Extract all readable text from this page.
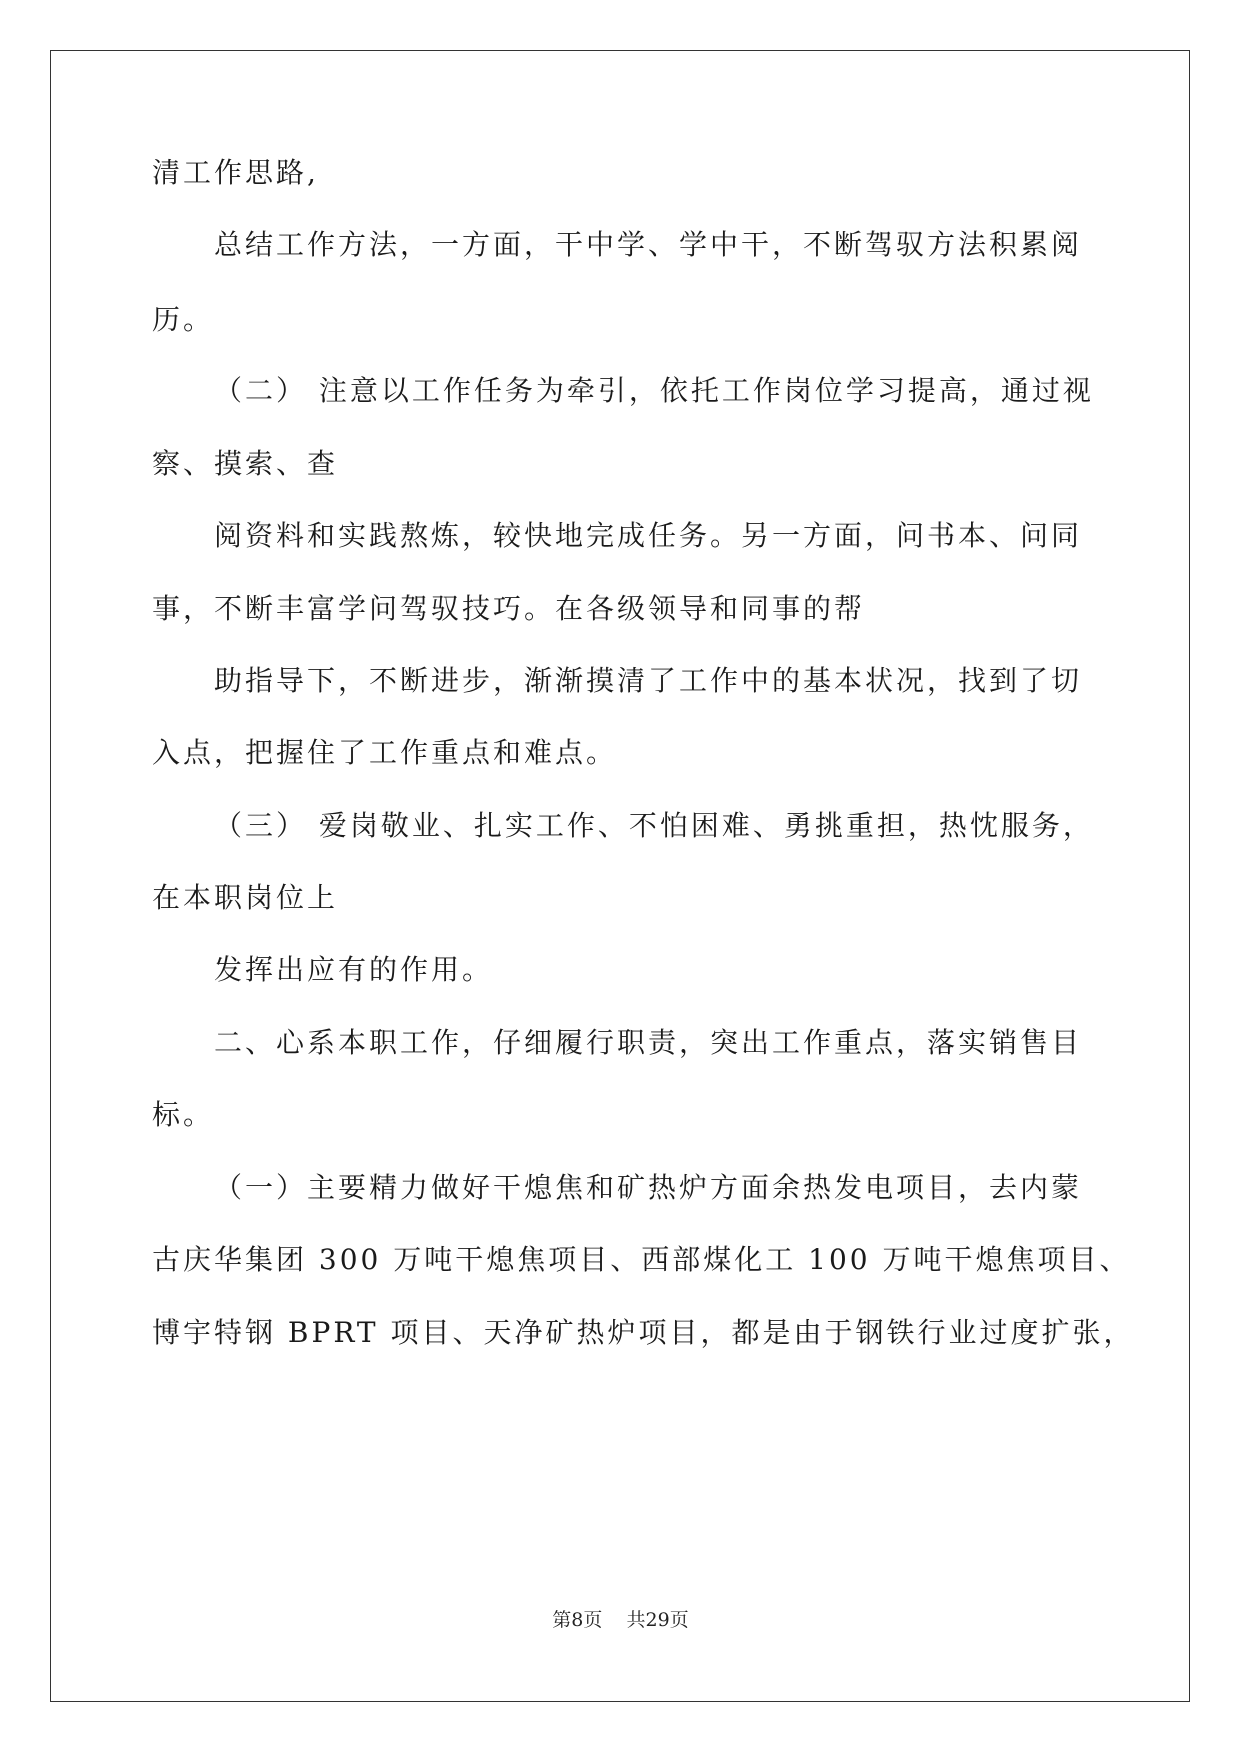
清工作思路,
总结工作方法，一方面，干中学、学中干，不断驾驭方法积累阅
历。
（二） 注意以工作任务为牵引，依托工作岗位学习提高，通过视
察、摸索、查
阅资料和实践熬炼，较快地完成任务。另一方面，问书本、问同
事，不断丰富学问驾驭技巧。在各级领导和同事的帮
助指导下，不断进步，渐渐摸清了工作中的基本状况，找到了切
入点，把握住了工作重点和难点。
（三） 爱岗敬业、扎实工作、不怕困难、勇挑重担，热忱服务，
在本职岗位上
发挥出应有的作用。
二、心系本职工作，仔细履行职责，突出工作重点，落实销售目
标。
（一）主要精力做好干熄焦和矿热炉方面余热发电项目，去内蒙
古庆华集团 300 万吨干熄焦项目、西部煤化工 100 万吨干熄焦项目、
博宇特钢 BPRT 项目、天净矿热炉项目，都是由于钢铁行业过度扩张，
第8页 共29页
